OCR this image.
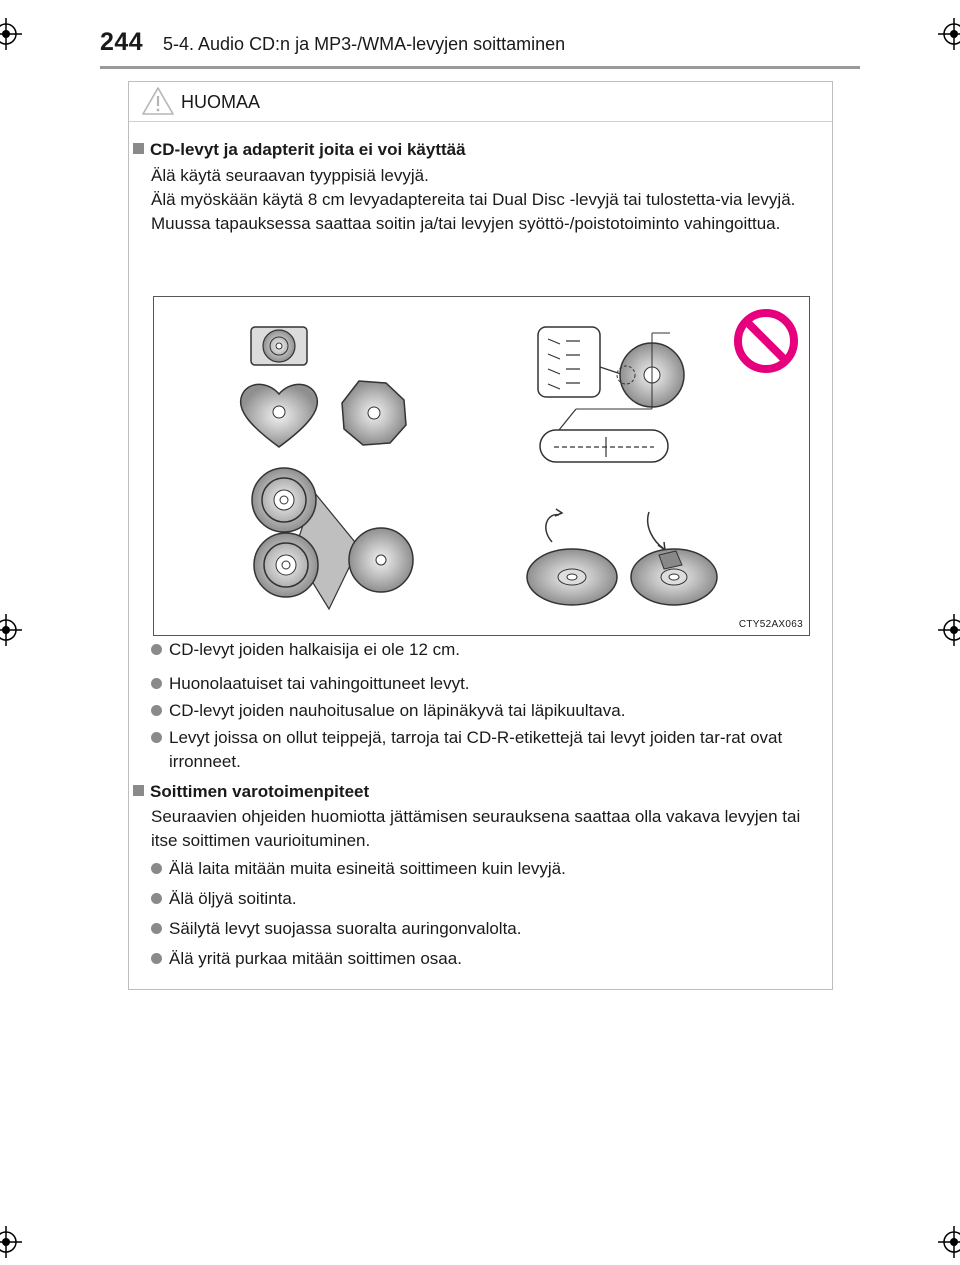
244 5-4. Audio CD:n ja MP3-/WMA-levyjen soittaminen
HUOMAA
CD-levyt ja adapterit joita ei voi käyttää

Älä käytä seuraavan tyyppisiä levyjä.

Älä myöskään käytä 8 cm levyadaptereita tai Dual Disc -levyjä tai tulostetta-via levyjä.

Muussa tapauksessa saattaa soitin ja/tai levyjen syöttö-/poistotoiminto vahingoittua.

CTY52AX063
CD-levyt joiden halkaisija ei ole 12 cm.
Huonolaatuiset tai vahingoittuneet levyt.
CD-levyt joiden nauhoitusalue on läpinäkyvä tai läpikuultava.
Levyt joissa on ollut teippejä, tarroja tai CD-R-etikettejä tai levyt joiden tar-rat ovat irronneet.
Soittimen varotoimenpiteet

Seuraavien ohjeiden huomiotta jättämisen seurauksena saattaa olla vakava levyjen tai itse soittimen vaurioituminen.

Älä laita mitään muita esineitä soittimeen kuin levyjä.
Älä öljyä soitinta.
Säilytä levyt suojassa suoralta auringonvalolta.
Älä yritä purkaa mitään soittimen osaa.
